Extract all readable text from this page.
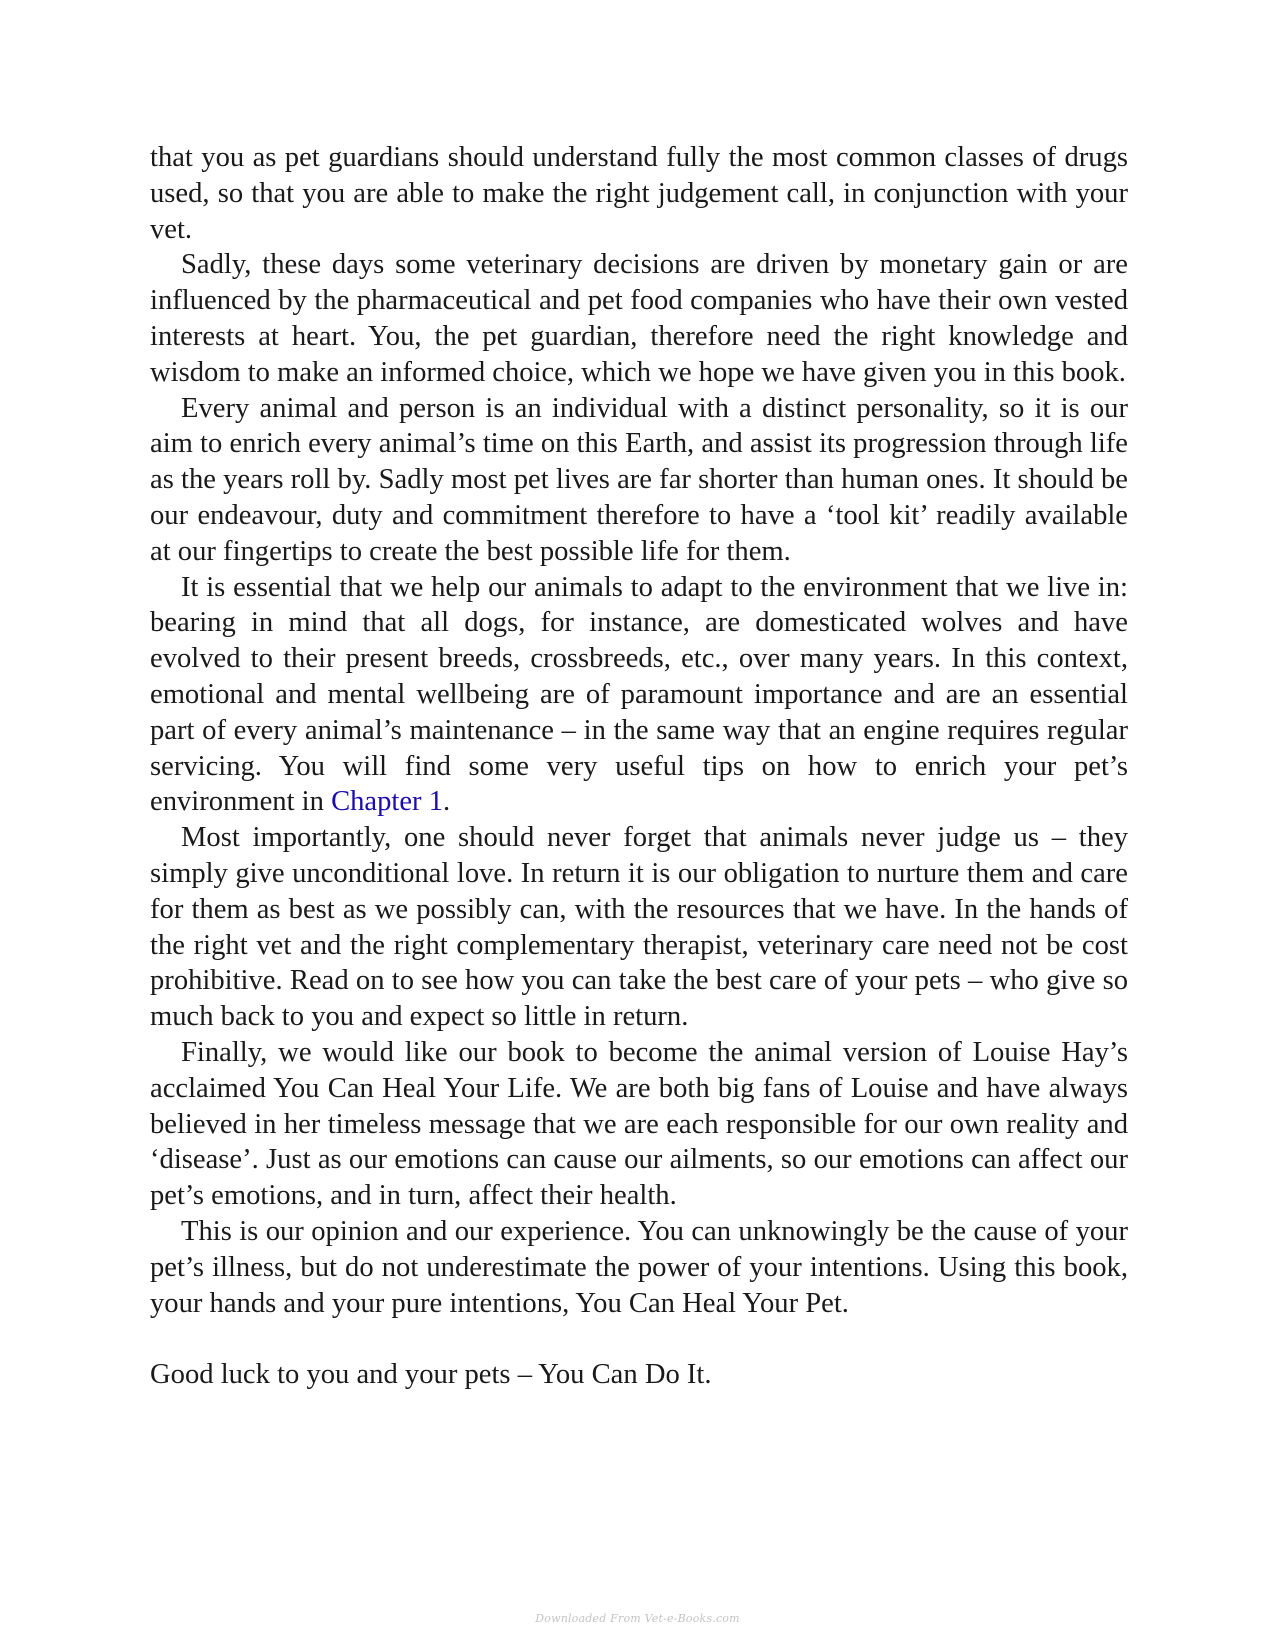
that you as pet guardians should understand fully the most common classes of drugs used, so that you are able to make the right judgement call, in conjunction with your vet.

Sadly, these days some veterinary decisions are driven by monetary gain or are influenced by the pharmaceutical and pet food companies who have their own vested interests at heart. You, the pet guardian, therefore need the right knowledge and wisdom to make an informed choice, which we hope we have given you in this book.

Every animal and person is an individual with a distinct personality, so it is our aim to enrich every animal’s time on this Earth, and assist its progression through life as the years roll by. Sadly most pet lives are far shorter than human ones. It should be our endeavour, duty and commitment therefore to have a ‘tool kit’ readily available at our fingertips to create the best possible life for them.

It is essential that we help our animals to adapt to the environment that we live in: bearing in mind that all dogs, for instance, are domesticated wolves and have evolved to their present breeds, crossbreeds, etc., over many years. In this context, emotional and mental wellbeing are of paramount importance and are an essential part of every animal’s maintenance – in the same way that an engine requires regular servicing. You will find some very useful tips on how to enrich your pet’s environment in Chapter 1.

Most importantly, one should never forget that animals never judge us – they simply give unconditional love. In return it is our obligation to nurture them and care for them as best as we possibly can, with the resources that we have. In the hands of the right vet and the right complementary therapist, veterinary care need not be cost prohibitive. Read on to see how you can take the best care of your pets – who give so much back to you and expect so little in return.

Finally, we would like our book to become the animal version of Louise Hay’s acclaimed You Can Heal Your Life. We are both big fans of Louise and have always believed in her timeless message that we are each responsible for our own reality and ‘disease’. Just as our emotions can cause our ailments, so our emotions can affect our pet’s emotions, and in turn, affect their health.

This is our opinion and our experience. You can unknowingly be the cause of your pet’s illness, but do not underestimate the power of your intentions. Using this book, your hands and your pure intentions, You Can Heal Your Pet.

Good luck to you and your pets – You Can Do It.

Downloaded From Vet-e-Books.com
